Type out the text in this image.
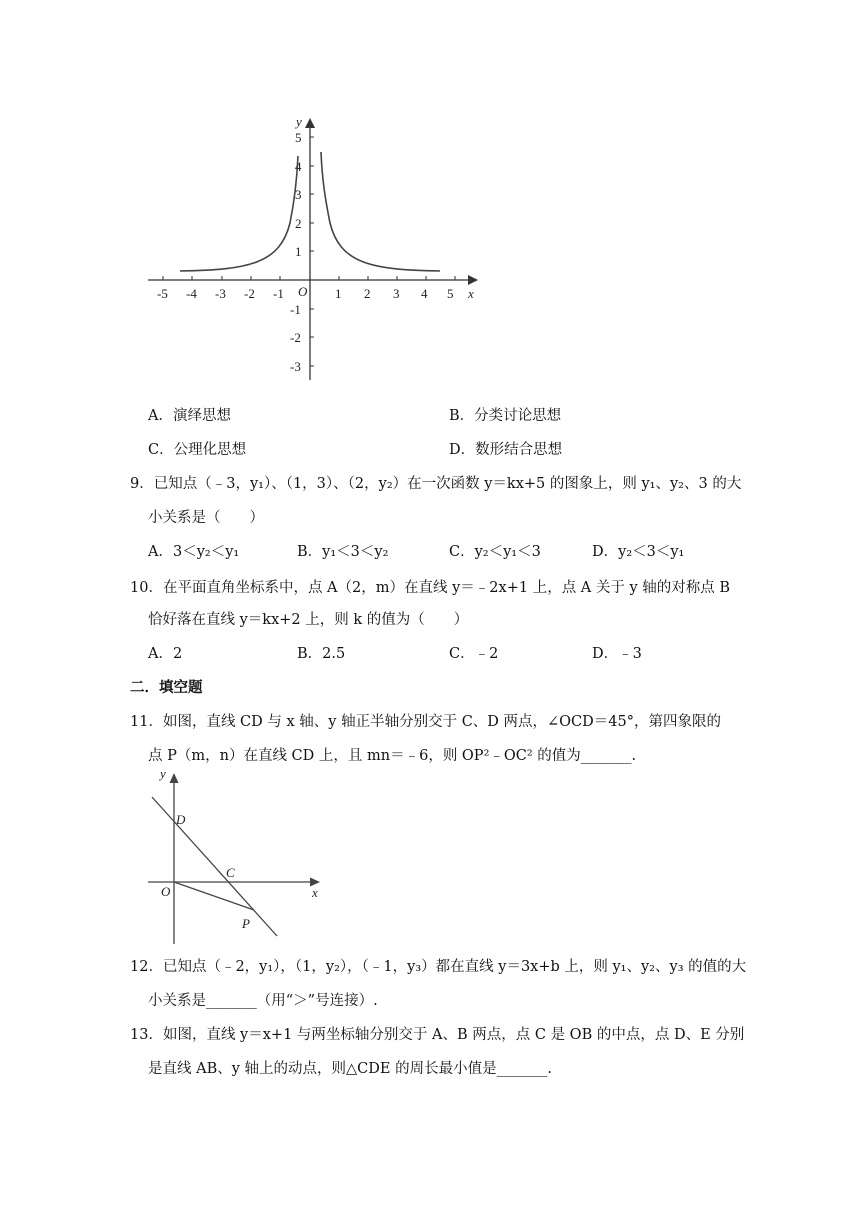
x
y
O
-5 -4 -3 -2 -1	1 2 3 4 5
5
4
3
2
1
-1
-2
-3
A．演绎思想	B．分类讨论思想
C．公理化思想	D．数形结合思想
9．已知点（﹣3，y₁）、（1，3）、（2，y₂）在一次函数 y＝kx+5 的图象上，则 y₁、y₂、3 的大
小关系是（　　）
A．3＜y₂＜y₁	B．y₁＜3＜y₂	C．y₂＜y₁＜3	D．y₂＜3＜y₁
10．在平面直角坐标系中，点 A（2，m）在直线 y＝﹣2x+1 上，点 A 关于 y 轴的对称点 B
恰好落在直线 y＝kx+2 上，则 k 的值为（　　）
A．2	B．2.5	C．﹣2	D．﹣3
二．填空题
11．如图，直线 CD 与 x 轴、y 轴正半轴分别交于 C、D 两点，∠OCD＝45°，第四象限的
点 P（m，n）在直线 CD 上，且 mn＝﹣6，则 OP²﹣OC² 的值为_______.
y
x
D
C
O
P
12．已知点（﹣2，y₁），（1，y₂），（﹣1，y₃）都在直线 y＝3x+b 上，则 y₁、y₂、y₃ 的值的大
小关系是_______（用“＞”号连接）.
13．如图，直线 y＝x+1 与两坐标轴分别交于 A、B 两点，点 C 是 OB 的中点，点 D、E 分别
是直线 AB、y 轴上的动点，则△CDE 的周长最小值是_______.
